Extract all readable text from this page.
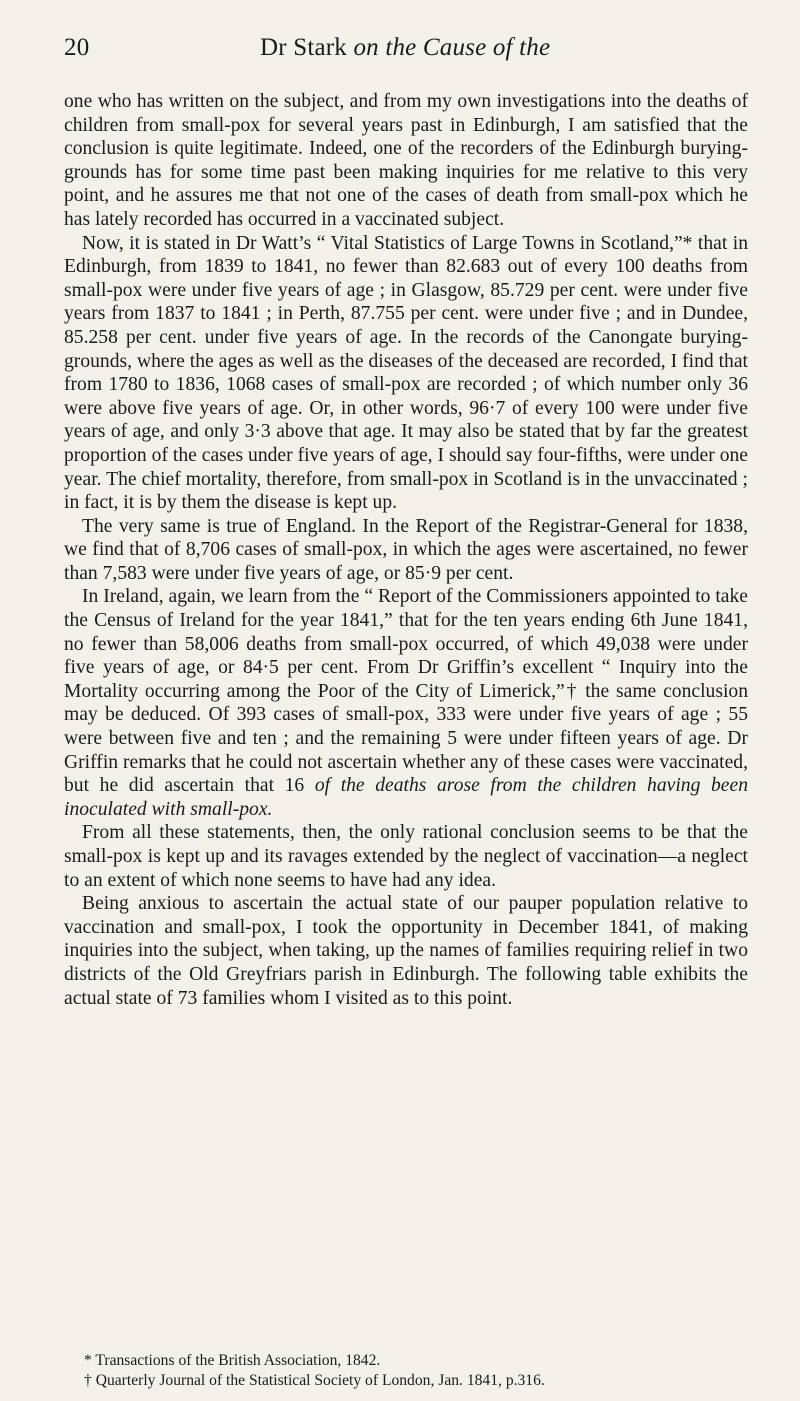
20	Dr Stark on the Cause of the

one who has written on the subject, and from my own investigations into the deaths of children from small-pox for several years past in Edinburgh, I am satisfied that the conclusion is quite legitimate. Indeed, one of the recorders of the Edinburgh burying-grounds has for some time past been making inquiries for me relative to this very point, and he assures me that not one of the cases of death from small-pox which he has lately recorded has occurred in a vaccinated subject.

Now, it is stated in Dr Watt’s “ Vital Statistics of Large Towns in Scotland,”* that in Edinburgh, from 1839 to 1841, no fewer than 82.683 out of every 100 deaths from small-pox were under five years of age ; in Glasgow, 85.729 per cent. were under five years from 1837 to 1841 ; in Perth, 87.755 per cent. were under five ; and in Dundee, 85.258 per cent. under five years of age. In the records of the Canongate burying-grounds, where the ages as well as the diseases of the deceased are recorded, I find that from 1780 to 1836, 1068 cases of small-pox are recorded ; of which number only 36 were above five years of age. Or, in other words, 96·7 of every 100 were under five years of age, and only 3·3 above that age. It may also be stated that by far the greatest proportion of the cases under five years of age, I should say four-fifths, were under one year. The chief mortality, therefore, from small-pox in Scotland is in the unvaccinated ; in fact, it is by them the disease is kept up.

The very same is true of England. In the Report of the Registrar-General for 1838, we find that of 8,706 cases of small-pox, in which the ages were ascertained, no fewer than 7,583 were under five years of age, or 85·9 per cent.

In Ireland, again, we learn from the “ Report of the Commissioners appointed to take the Census of Ireland for the year 1841,” that for the ten years ending 6th June 1841, no fewer than 58,006 deaths from small-pox occurred, of which 49,038 were under five years of age, or 84·5 per cent. From Dr Griffin’s excellent “ Inquiry into the Mortality occurring among the Poor of the City of Limerick,”† the same conclusion may be deduced. Of 393 cases of small-pox, 333 were under five years of age ; 55 were between five and ten ; and the remaining 5 were under fifteen years of age. Dr Griffin remarks that he could not ascertain whether any of these cases were vaccinated, but he did ascertain that 16 of the deaths arose from the children having been inoculated with small-pox.

From all these statements, then, the only rational conclusion seems to be that the small-pox is kept up and its ravages extended by the neglect of vaccination—a neglect to an extent of which none seems to have had any idea.

Being anxious to ascertain the actual state of our pauper population relative to vaccination and small-pox, I took the opportunity in December 1841, of making inquiries into the subject, when taking, up the names of families requiring relief in two districts of the Old Greyfriars parish in Edinburgh. The following table exhibits the actual state of 73 families whom I visited as to this point.

* Transactions of the British Association, 1842.
† Quarterly Journal of the Statistical Society of London, Jan. 1841, p.316.
